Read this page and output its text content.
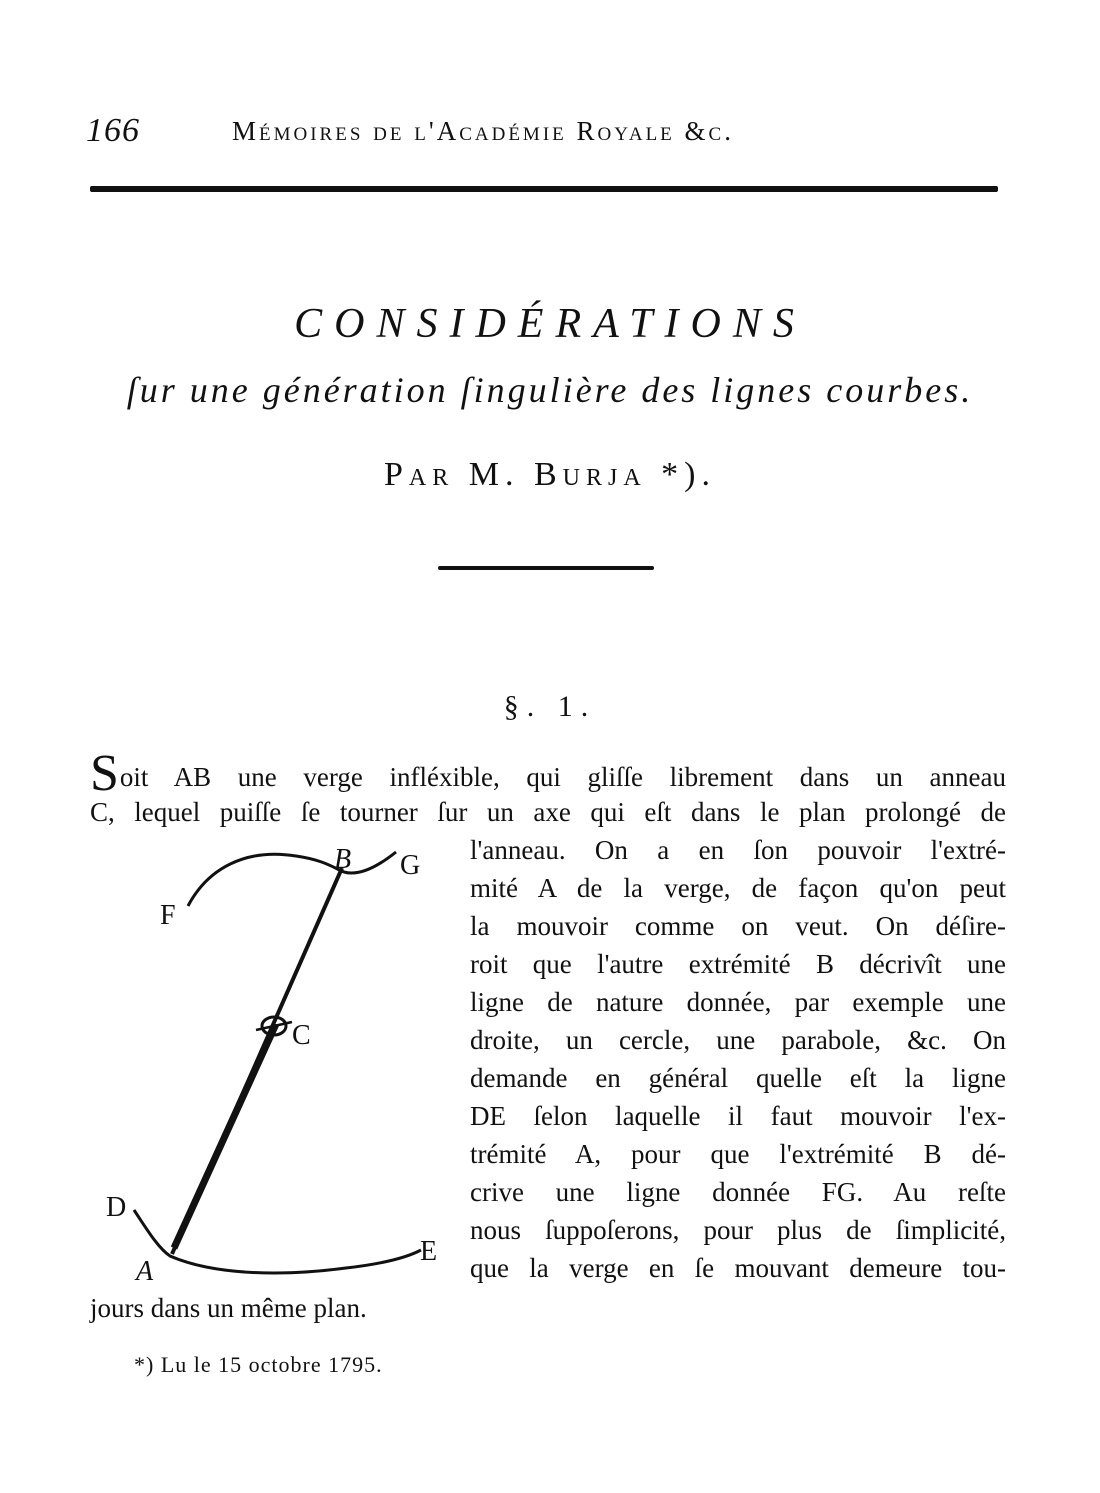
166	Mémoires de l'Académie Royale &c.
CONSIDÉRATIONS
ſur une génération ſingulière des lignes courbes.
Par M. Burja *).
§. 1.
Soit AB une verge infléxible, qui gliſſe librement dans un anneau
C, lequel puiſſe ſe tourner ſur un axe qui eſt dans le plan prolongé de
l'anneau. On a en ſon pouvoir l'extré-
mité A de la verge, de façon qu'on peut
la mouvoir comme on veut. On déſire-
roit que l'autre extrémité B décrivît une
ligne de nature donnée, par exemple une
droite, un cercle, une parabole, &c. On
demande en général quelle eſt la ligne
DE ſelon laquelle il faut mouvoir l'ex-
trémité A, pour que l'extrémité B dé-
crive une ligne donnée FG. Au reſte
nous ſuppoſerons, pour plus de ſimplicité,
que la verge en ſe mouvant demeure tou-
jours dans un même plan.
*) Lu le 15 octobre 1795.
F
B G
C
D
A
E
